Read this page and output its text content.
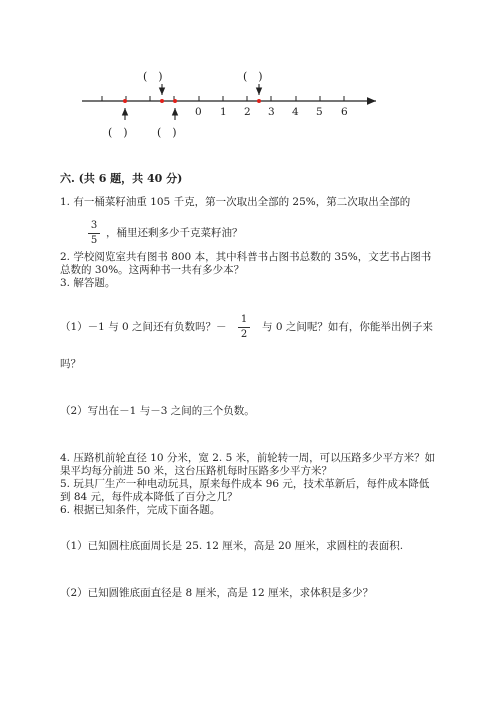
0 1 2 3 4 5 6
(　)	(　)
(　)	(　)
六. (共 6 题，共 40 分)
1. 有一桶菜籽油重 105 千克，第一次取出全部的 25%，第二次取出全部的
3
5
，桶里还剩多少千克菜籽油？
2. 学校阅览室共有图书 800 本，其中科普书占图书总数的 35%，文艺书占图书
总数的 30%。这两种书一共有多少本？
3. 解答题。
（1）－1 与 0 之间还有负数吗？－
1
2
与 0 之间呢？如有，你能举出例子来
吗？
（2）写出在－1 与－3 之间的三个负数。
4. 压路机前轮直径 10 分米，宽 2. 5 米，前轮转一周，可以压路多少平方米？如
果平均每分前进 50 米，这台压路机每时压路多少平方米？
5. 玩具厂生产一种电动玩具，原来每件成本 96 元，技术革新后，每件成本降低
到 84 元，每件成本降低了百分之几？
6. 根据已知条件，完成下面各题。
（1）已知圆柱底面周长是 25. 12 厘米，高是 20 厘米，求圆柱的表面积.
（2）已知圆锥底面直径是 8 厘米，高是 12 厘米，求体积是多少？
